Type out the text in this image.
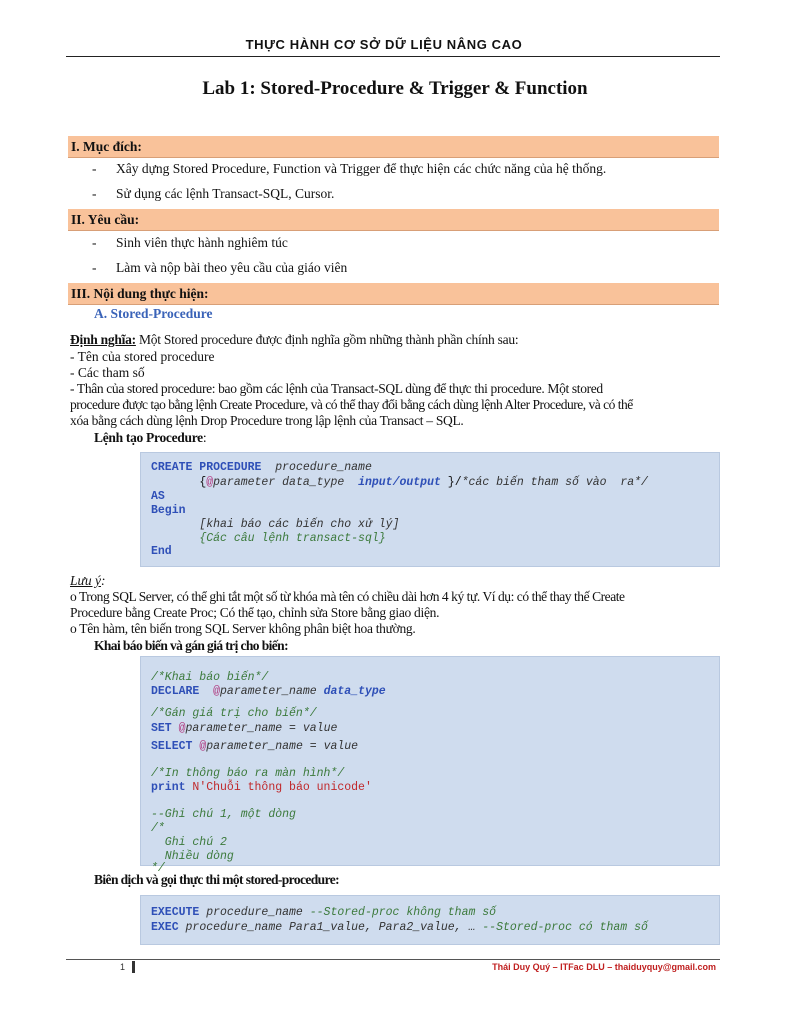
THỰC HÀNH CƠ SỞ DỮ LIỆU NÂNG CAO
Lab 1: Stored-Procedure & Trigger & Function
I. Mục đích:
- Xây dựng Stored Procedure, Function và Trigger để thực hiện các chức năng của hệ thống.
- Sử dụng các lệnh Transact-SQL, Cursor.
II. Yêu cầu:
- Sinh viên thực hành nghiêm túc
- Làm và nộp bài theo yêu cầu của giáo viên
III. Nội dung thực hiện:
A. Stored-Procedure
Định nghĩa: Một Stored procedure được định nghĩa gồm những thành phần chính sau:
- Tên của stored procedure
- Các tham số
- Thân của stored procedure: bao gồm các lệnh của Transact-SQL dùng để thực thi procedure. Một stored
procedure được tạo bằng lệnh Create Procedure, và có thể thay đổi bằng cách dùng lệnh Alter Procedure, và có thể
xóa bằng cách dùng lệnh Drop Procedure trong lập lệnh của Transact – SQL.
Lệnh tạo Procedure:
CREATE PROCEDURE procedure_name
{@parameter data_type input/output }/*các biến tham số vào  ra*/
AS
Begin
[khai báo các biến cho xử lý]
{Các câu lệnh transact-sql}
End
Lưu ý:
o Trong SQL Server, có thể ghi tắt một số từ khóa mà tên có chiều dài hơn 4 ký tự. Ví dụ: có thể thay thế Create
Procedure bằng Create Proc; Có thể tạo, chỉnh sửa Store bằng giao diện.
o Tên hàm, tên biến trong SQL Server không phân biệt hoa thường.
Khai báo biến và gán giá trị cho biến:
/*Khai báo biến*/
DECLARE @parameter_name data_type
/*Gán giá trị cho biến*/
SET @parameter_name = value
SELECT @parameter_name = value
/*In thông báo ra màn hình*/
print N'Chuỗi thông báo unicode'
--Ghi chú 1, một dòng
/*
Ghi chú 2
Nhiều dòng
*/
Biên dịch và gọi thực thi một stored-procedure:
EXECUTE procedure_name --Stored-proc không tham số
EXEC procedure_name Para1_value, Para2_value, … --Stored-proc có tham số
1	Thái Duy Quý – ITFac DLU – thaiduyquy@gmail.com
